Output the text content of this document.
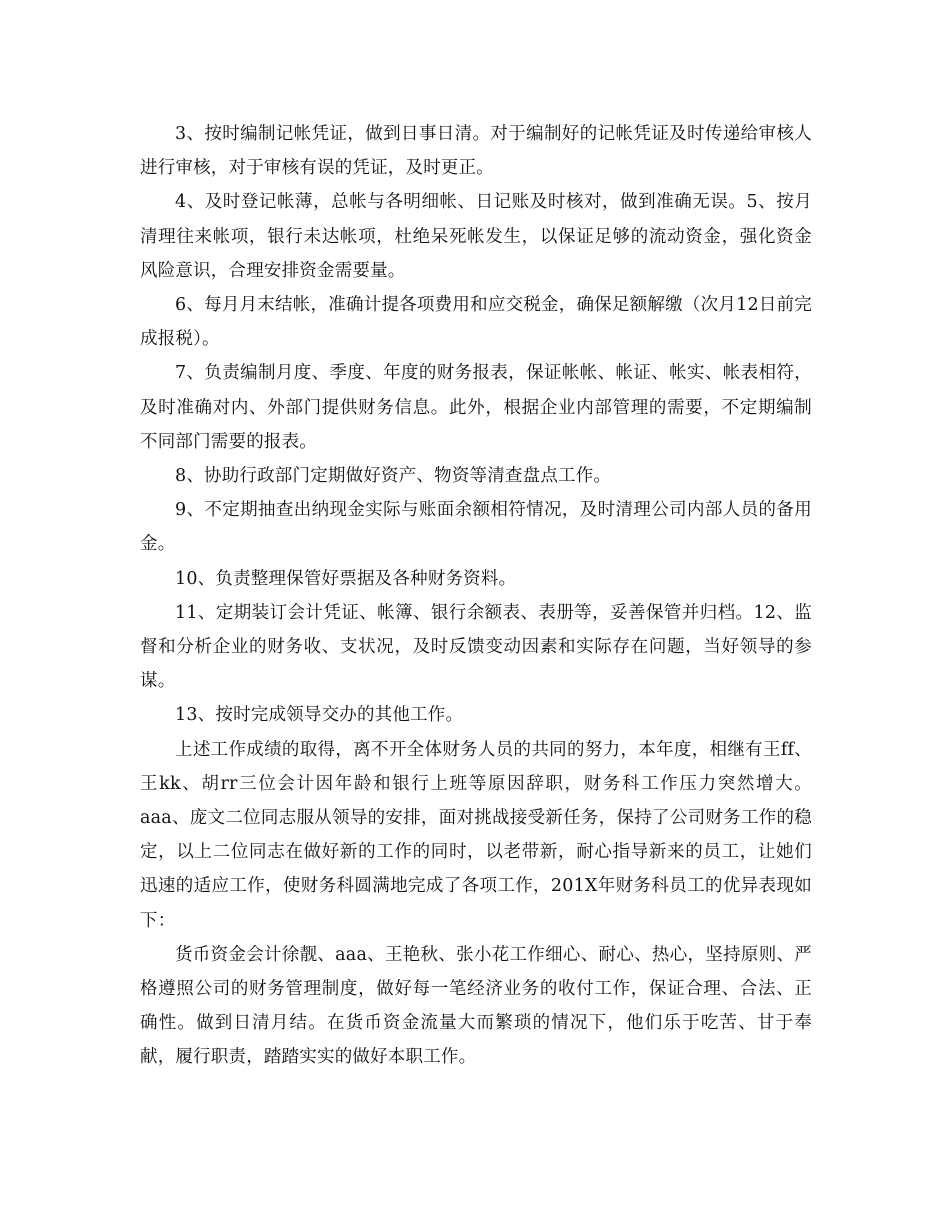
3、按时编制记帐凭证，做到日事日清。对于编制好的记帐凭证及时传递给审核人进行审核，对于审核有误的凭证，及时更正。

4、及时登记帐薄，总帐与各明细帐、日记账及时核对，做到准确无误。5、按月清理往来帐项，银行未达帐项，杜绝呆死帐发生，以保证足够的流动资金，强化资金风险意识，合理安排资金需要量。

6、每月月末结帐，准确计提各项费用和应交税金，确保足额解缴（次月12日前完成报税）。

7、负责编制月度、季度、年度的财务报表，保证帐帐、帐证、帐实、帐表相符，及时准确对内、外部门提供财务信息。此外，根据企业内部管理的需要，不定期编制不同部门需要的报表。

8、协助行政部门定期做好资产、物资等清查盘点工作。

9、不定期抽查出纳现金实际与账面余额相符情况，及时清理公司内部人员的备用金。

10、负责整理保管好票据及各种财务资料。

11、定期装订会计凭证、帐簿、银行余额表、表册等，妥善保管并归档。12、监督和分析企业的财务收、支状况，及时反馈变动因素和实际存在问题，当好领导的参谋。

13、按时完成领导交办的其他工作。

上述工作成绩的取得，离不开全体财务人员的共同的努力，本年度，相继有王ff、王kk、胡rr三位会计因年龄和银行上班等原因辞职，财务科工作压力突然增大。aaa、庞文二位同志服从领导的安排，面对挑战接受新任务，保持了公司财务工作的稳定，以上二位同志在做好新的工作的同时，以老带新，耐心指导新来的员工，让她们迅速的适应工作，使财务科圆满地完成了各项工作，201X年财务科员工的优异表现如下：

货币资金会计徐靓、aaa、王艳秋、张小花工作细心、耐心、热心，坚持原则、严格遵照公司的财务管理制度，做好每一笔经济业务的收付工作，保证合理、合法、正确性。做到日清月结。在货币资金流量大而繁琐的情况下，他们乐于吃苦、甘于奉献，履行职责，踏踏实实的做好本职工作。
